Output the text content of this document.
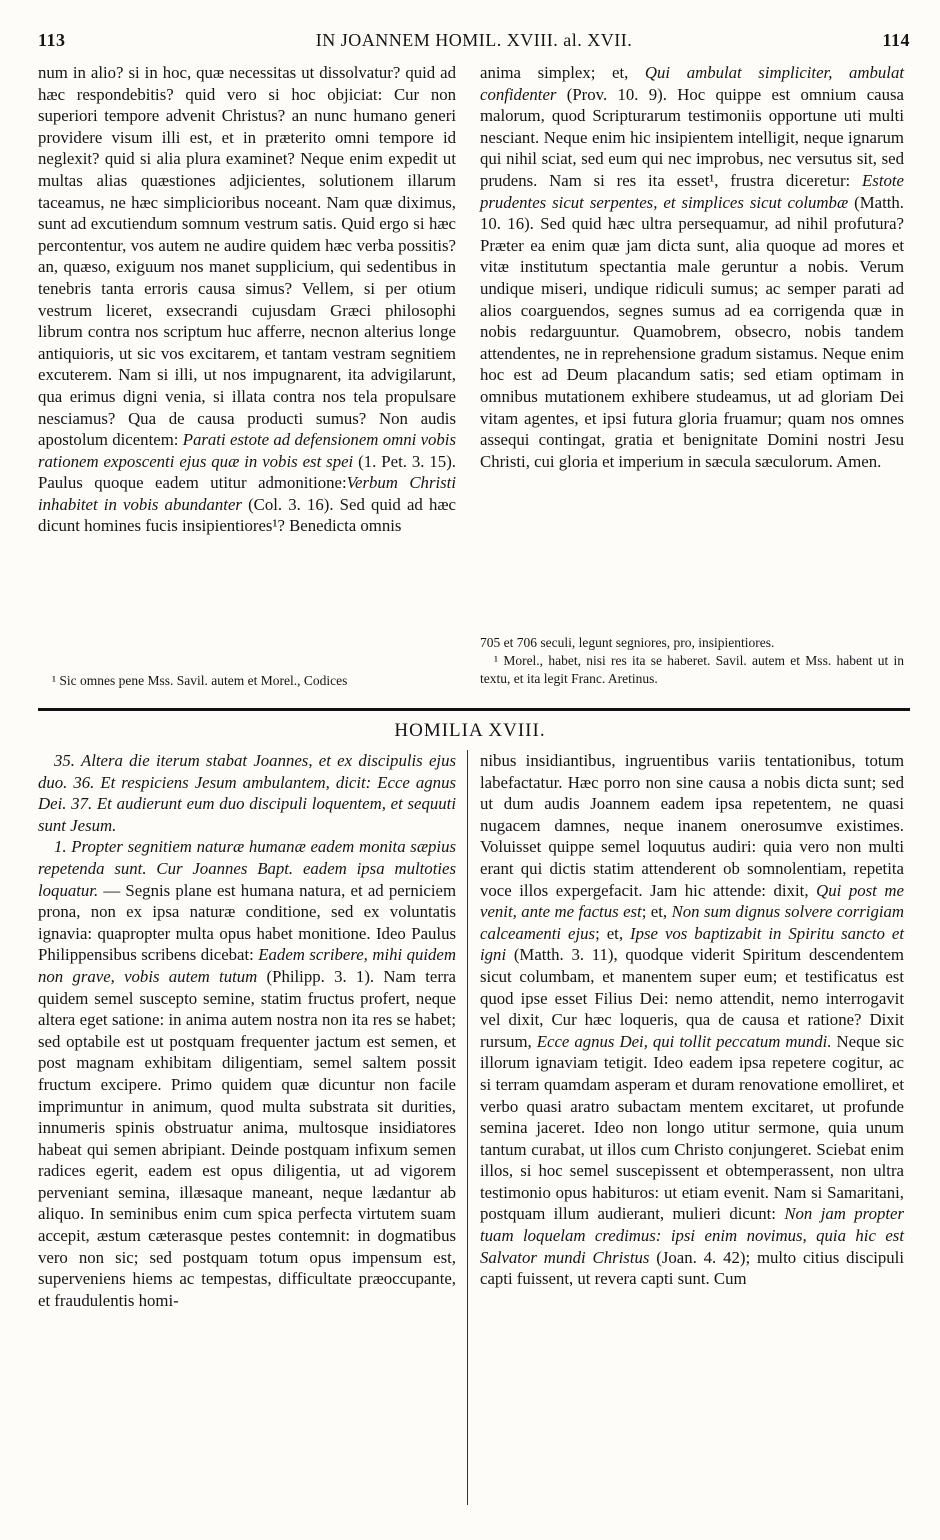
113	IN JOANNEM HOMIL. XVIII. al. XVII.	114

num in alio? si in hoc, quæ necessitas ut dissolvatur? quid ad hæc respondebitis? quid vero si hoc objiciat: Cur non superiori tempore advenit Christus? an nunc humano generi providere visum illi est, et in præterito omni tempore id neglexit? quid si alia plura examinet? Neque enim expedit ut multas alias quæstiones adjicientes, solutionem illarum taceamus, ne hæc simplicioribus noceant. Nam quæ diximus, sunt ad excutiendum somnum vestrum satis. Quid ergo si hæc percontentur, vos autem ne audire quidem hæc verba possitis? an, quæso, exiguum nos manet supplicium, qui sedentibus in tenebris tanta erroris causa simus? Vellem, si per otium vestrum liceret, exsecrandi cujusdam Græci philosophi librum contra nos scriptum huc afferre, necnon alterius longe antiquioris, ut sic vos excitarem, et tantam vestram segnitiem excuterem. Nam si illi, ut nos impugnarent, ita advigilarunt, qua erimus digni venia, si illata contra nos tela propulsare nesciamus? Qua de causa producti sumus? Non audis apostolum dicentem: Parati estote ad defensionem omni vobis rationem exposcenti ejus quæ in vobis est spei (1. Pet. 3. 15). Paulus quoque eadem utitur admonitione:Verbum Christi inhabitet in vobis abundanter (Col. 3. 16). Sed quid ad hæc dicunt homines fucis insipientiores¹? Benedicta omnis

¹ Sic omnes pene Mss. Savil. autem et Morel., Codices

anima simplex; et, Qui ambulat simpliciter, ambulat confidenter (Prov. 10. 9). Hoc quippe est omnium causa malorum, quod Scripturarum testimoniis opportune uti multi nesciant. Neque enim hic insipientem intelligit, neque ignarum qui nihil sciat, sed eum qui nec improbus, nec versutus sit, sed prudens. Nam si res ita esset¹, frustra diceretur: Estote prudentes sicut serpentes, et simplices sicut columbæ (Matth. 10. 16). Sed quid hæc ultra persequamur, ad nihil profutura? Præter ea enim quæ jam dicta sunt, alia quoque ad mores et vitæ institutum spectantia male geruntur a nobis. Verum undique miseri, undique ridiculi sumus; ac semper parati ad alios coarguendos, segnes sumus ad ea corrigenda quæ in nobis redarguuntur. Quamobrem, obsecro, nobis tandem attendentes, ne in reprehensione gradum sistamus. Neque enim hoc est ad Deum placandum satis; sed etiam optimam in omnibus mutationem exhibere studeamus, ut ad gloriam Dei vitam agentes, et ipsi futura gloria fruamur; quam nos omnes assequi contingat, gratia et benignitate Domini nostri Jesu Christi, cui gloria et imperium in sæcula sæculorum. Amen.

705 et 706 seculi, legunt segniores, pro, insipientiores.

¹ Morel., habet, nisi res ita se haberet. Savil. autem et Mss. habent ut in textu, et ita legit Franc. Aretinus.

HOMILIA XVIII.

35. Altera die iterum stabat Joannes, et ex discipulis ejus duo. 36. Et respiciens Jesum ambulantem, dicit: Ecce agnus Dei. 37. Et audierunt eum duo discipuli loquentem, et sequuti sunt Jesum.

1. Propter segnitiem naturæ humanæ eadem monita sæpius repetenda sunt. Cur Joannes Bapt. eadem ipsa multoties loquatur. — Segnis plane est humana natura, et ad perniciem prona, non ex ipsa naturæ conditione, sed ex voluntatis ignavia: quapropter multa opus habet monitione. Ideo Paulus Philippensibus scribens dicebat: Eadem scribere, mihi quidem non grave, vobis autem tutum (Philipp. 3. 1). Nam terra quidem semel suscepto semine, statim fructus profert, neque altera eget satione: in anima autem nostra non ita res se habet; sed optabile est ut postquam frequenter jactum est semen, et post magnam exhibitam diligentiam, semel saltem possit fructum excipere. Primo quidem quæ dicuntur non facile imprimuntur in animum, quod multa substrata sit durities, innumeris spinis obstruatur anima, multosque insidiatores habeat qui semen abripiant. Deinde postquam infixum semen radices egerit, eadem est opus diligentia, ut ad vigorem perveniant semina, illæsaque maneant, neque lædantur ab aliquo. In seminibus enim cum spica perfecta virtutem suam accepit, æstum cæterasque pestes contemnit: in dogmatibus vero non sic; sed postquam totum opus impensum est, superveniens hiems ac tempestas, difficultate præoccupante, et fraudulentis homi-

nibus insidiantibus, ingruentibus variis tentationibus, totum labefactatur. Hæc porro non sine causa a nobis dicta sunt; sed ut dum audis Joannem eadem ipsa repetentem, ne quasi nugacem damnes, neque inanem onerosumve existimes. Voluisset quippe semel loquutus audiri: quia vero non multi erant qui dictis statim attenderent ob somnolentiam, repetita voce illos expergefacit. Jam hic attende: dixit, Qui post me venit, ante me factus est; et, Non sum dignus solvere corrigiam calceamenti ejus; et, Ipse vos baptizabit in Spiritu sancto et igni (Matth. 3. 11), quodque viderit Spiritum descendentem sicut columbam, et manentem super eum; et testificatus est quod ipse esset Filius Dei: nemo attendit, nemo interrogavit vel dixit, Cur hæc loqueris, qua de causa et ratione? Dixit rursum, Ecce agnus Dei, qui tollit peccatum mundi. Neque sic illorum ignaviam tetigit. Ideo eadem ipsa repetere cogitur, ac si terram quamdam asperam et duram renovatione emolliret, et verbo quasi aratro subactam mentem excitaret, ut profunde semina jaceret. Ideo non longo utitur sermone, quia unum tantum curabat, ut illos cum Christo conjungeret. Sciebat enim illos, si hoc semel suscepissent et obtemperassent, non ultra testimonio opus habituros: ut etiam evenit. Nam si Samaritani, postquam illum audierant, mulieri dicunt: Non jam propter tuam loquelam credimus: ipsi enim novimus, quia hic est Salvator mundi Christus (Joan. 4. 42); multo citius discipuli capti fuissent, ut revera capti sunt. Cum
